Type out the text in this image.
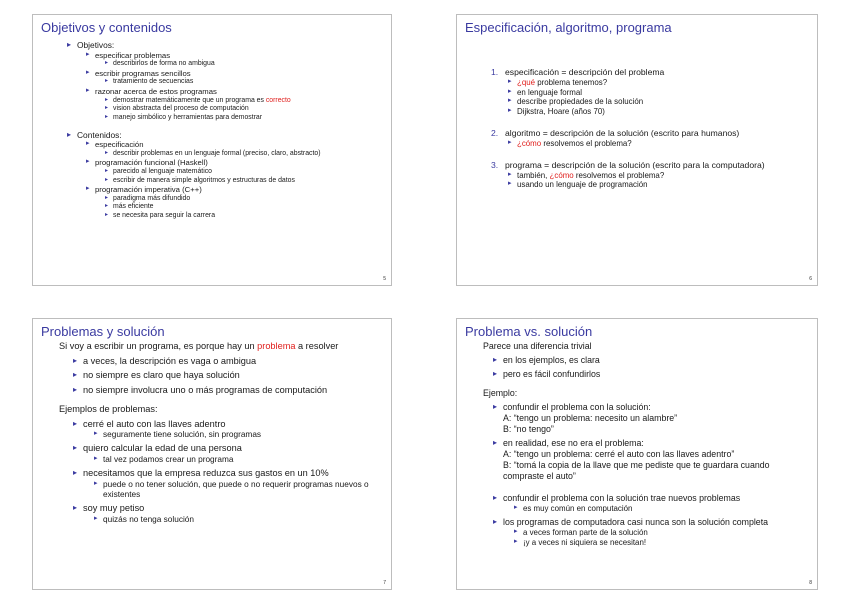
Objetivos y contenidos
▸ Objetivos:
▸ especificar problemas
▸ describirlos de forma no ambigua
▸ escribir programas sencillos
▸ tratamiento de secuencias
▸ razonar acerca de estos programas
▸ demostrar matemáticamente que un programa es correcto
▸ vision abstracta del proceso de computación
▸ manejo simbólico y herramientas para demostrar
▸ Contenidos:
▸ especificación
▸ describir problemas en un lenguaje formal (preciso, claro, abstracto)
▸ programación funcional (Haskell)
▸ parecido al lenguaje matemático
▸ escribir de manera simple algoritmos y estructuras de datos
▸ programación imperativa (C++)
▸ paradigma más difundido
▸ más eficiente
▸ se necesita para seguir la carrera
5
Especificación, algoritmo, programa
1. especificación = descripción del problema
▸ ¿qué problema tenemos?
▸ en lenguaje formal
▸ describe propiedades de la solución
▸ Dijkstra, Hoare (años 70)
2. algoritmo = descripción de la solución (escrito para humanos)
▸ ¿cómo resolvemos el problema?
3. programa = descripción de la solución (escrito para la computadora)
▸ también, ¿cómo resolvemos el problema?
▸ usando un lenguaje de programación
6
Problemas y solución
Si voy a escribir un programa, es porque hay un problema a resolver
▸ a veces, la descripción es vaga o ambigua
▸ no siempre es claro que haya solución
▸ no siempre involucra uno o más programas de computación
Ejemplos de problemas:
▸ cerré el auto con las llaves adentro
▸ seguramente tiene solución, sin programas
▸ quiero calcular la edad de una persona
▸ tal vez podamos crear un programa
▸ necesitamos que la empresa reduzca sus gastos en un 10%
▸ puede o no tener solución, que puede o no requerir programas nuevos o existentes
▸ soy muy petiso
▸ quizás no tenga solución
7
Problema vs. solución
Parece una diferencia trivial
▸ en los ejemplos, es clara
▸ pero es fácil confundirlos
Ejemplo:
▸ confundir el problema con la solución:
A: “tengo un problema: necesito un alambre”
B: “no tengo”
▸ en realidad, ese no era el problema:
A: “tengo un problema: cerré el auto con las llaves adentro”
B: “tomá la copia de la llave que me pediste que te guardara cuando compraste el auto”
▸ confundir el problema con la solución trae nuevos problemas
▸ es muy común en computación
▸ los programas de computadora casi nunca son la solución completa
▸ a veces forman parte de la solución
▸ ¡y a veces ni siquiera se necesitan!
8
